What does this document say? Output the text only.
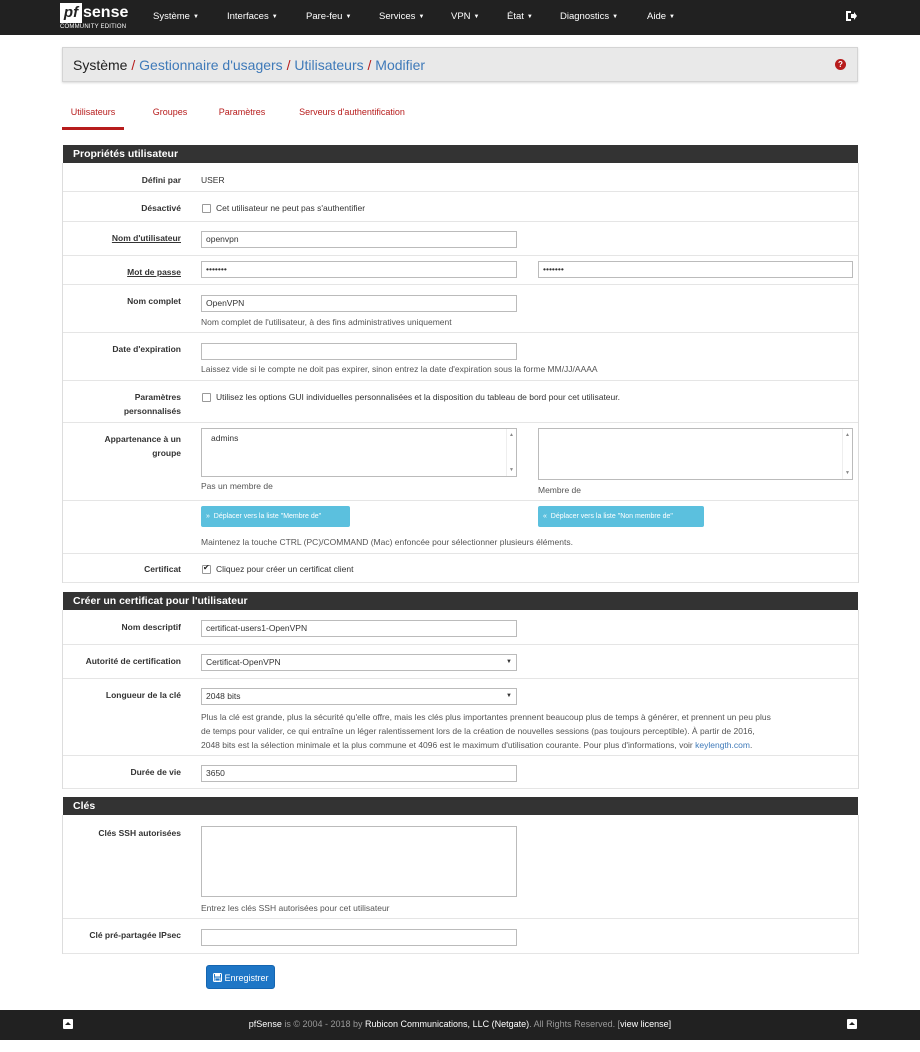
pf sense
COMMUNITY EDITION
Système ▼	Interfaces ▼	Pare-feu ▼	Services ▼	VPN ▼	État ▼	Diagnostics ▼	Aide ▼
Système / Gestionnaire d'usagers / Utilisateurs / Modifier	?
Utilisateurs	Groupes	Paramètres	Serveurs d'authentification
Propriétés utilisateur
Défini par USER
Désactivé	Cet utilisateur ne peut pas s'authentifier
Nom d'utilisateur	openvpn
Mot de passe	•••••••	•••••••
Nom complet	OpenVPN
Nom complet de l'utilisateur, à des fins administratives uniquement
Date d'expiration
Laissez vide si le compte ne doit pas expirer, sinon entrez la date d'expiration sous la forme MM/JJ/AAAA
Paramètres
personnalisés
Utilisez les options GUI individuelles personnalisées et la disposition du tableau de bord pour cet utilisateur.
Appartenance à un
groupe
admins	▲
▼
▲
▼
Pas un membre de	Membre de
» Déplacer vers la liste "Membre de"	« Déplacer vers la liste "Non membre de"
Maintenez la touche CTRL (PC)/COMMAND (Mac) enfoncée pour sélectionner plusieurs éléments.
Certificat
✔	Cliquez pour créer un certificat client
Créer un certificat pour l'utilisateur
Nom descriptif	certificat-users1-OpenVPN
Autorité de certification	Certificat-OpenVPN	▼
Longueur de la clé	2048 bits	▼
Plus la clé est grande, plus la sécurité qu'elle offre, mais les clés plus importantes prennent beaucoup plus de temps à générer, et prennent un peu plus
de temps pour valider, ce qui entraîne un léger ralentissement lors de la création de nouvelles sessions (pas toujours perceptible). À partir de 2016,
2048 bits est la sélection minimale et la plus commune et 4096 est le maximum d'utilisation courante. Pour plus d'informations, voir keylength.com.
Durée de vie	3650
Clés
Clés SSH autorisées
Entrez les clés SSH autorisées pour cet utilisateur
Clé pré-partagée IPsec
Enregistrer
pfSense is © 2004 - 2018 by Rubicon Communications, LLC (Netgate). All Rights Reserved. [view license]
